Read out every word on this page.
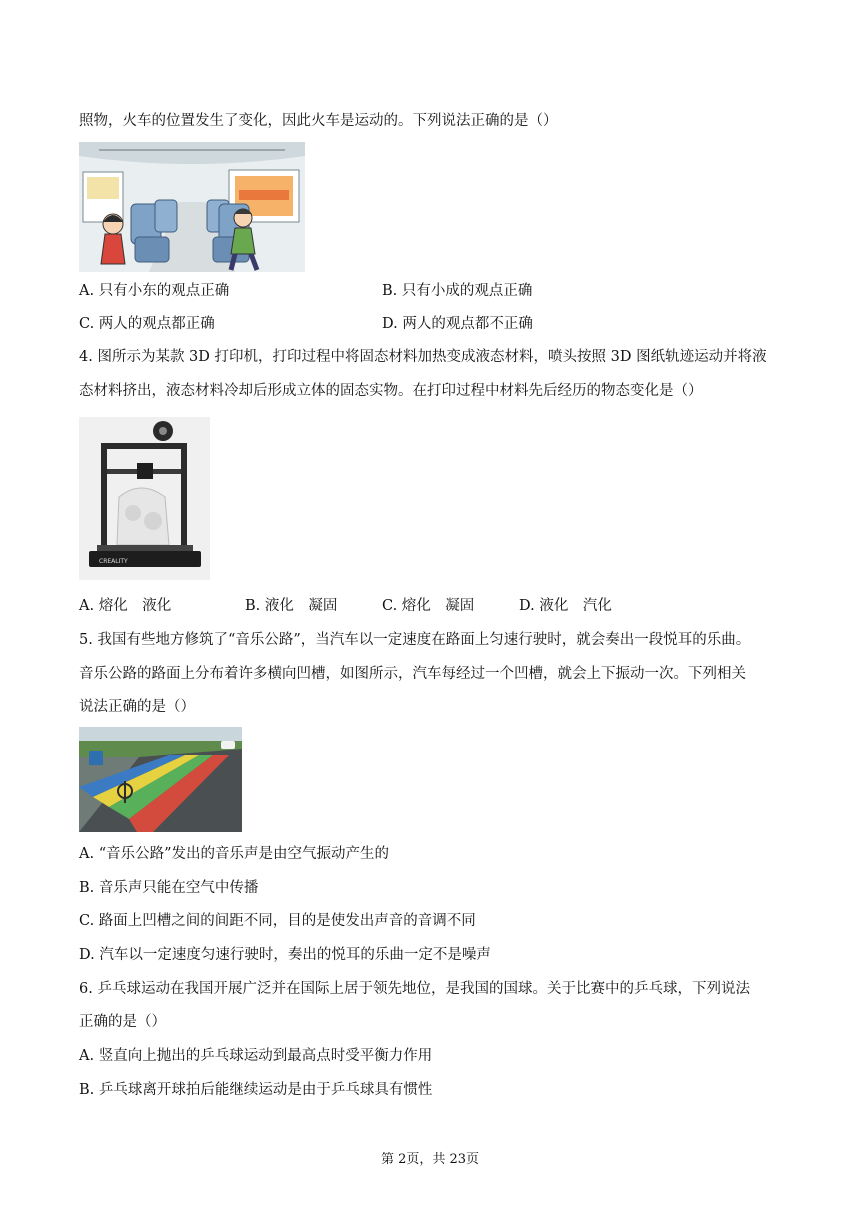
照物，火车的位置发生了变化，因此火车是运动的。下列说法正确的是（）
A. 只有小东的观点正确	B. 只有小成的观点正确
C. 两人的观点都正确	D. 两人的观点都不正确
4. 图所示为某款 3D 打印机，打印过程中将固态材料加热变成液态材料，喷头按照 3D 图纸轨迹运动并将液
态材料挤出，液态材料冷却后形成立体的固态实物。在打印过程中材料先后经历的物态变化是（）
CREALITY
A. 熔化　液化	B. 液化　凝固	C. 熔化　凝固	D. 液化　汽化
5. 我国有些地方修筑了“音乐公路”，当汽车以一定速度在路面上匀速行驶时，就会奏出一段悦耳的乐曲。
音乐公路的路面上分布着许多横向凹槽，如图所示，汽车每经过一个凹槽，就会上下振动一次。下列相关
说法正确的是（）
A. “音乐公路”发出的音乐声是由空气振动产生的
B. 音乐声只能在空气中传播
C. 路面上凹槽之间的间距不同，目的是使发出声音的音调不同
D. 汽车以一定速度匀速行驶时，奏出的悦耳的乐曲一定不是噪声
6. 乒乓球运动在我国开展广泛并在国际上居于领先地位，是我国的国球。关于比赛中的乒乓球，下列说法
正确的是（）
A. 竖直向上抛出的乒乓球运动到最高点时受平衡力作用
B. 乒乓球离开球拍后能继续运动是由于乒乓球具有惯性
第 2页，共 23页
